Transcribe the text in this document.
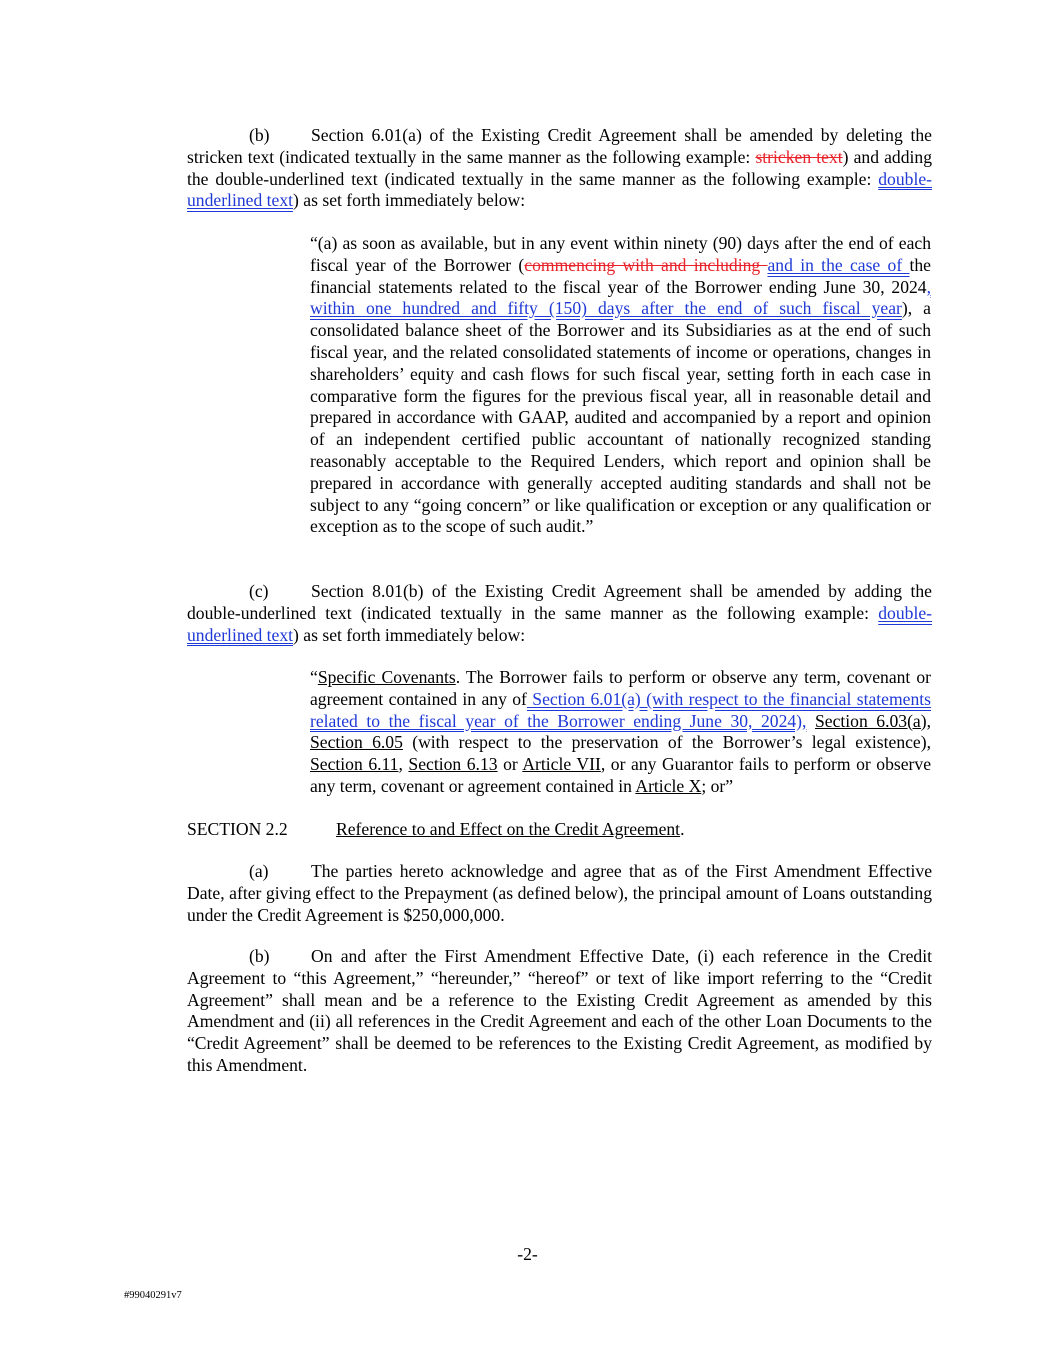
(b) Section 6.01(a) of the Existing Credit Agreement shall be amended by deleting the stricken text (indicated textually in the same manner as the following example: stricken text) and adding the double-underlined text (indicated textually in the same manner as the following example: double-underlined text) as set forth immediately below:

“(a) as soon as available, but in any event within ninety (90) days after the end of each fiscal year of the Borrower (commencing with and including and in the case of the financial statements related to the fiscal year of the Borrower ending June 30, 2024, within one hundred and fifty (150) days after the end of such fiscal year), a consolidated balance sheet of the Borrower and its Subsidiaries as at the end of such fiscal year, and the related consolidated statements of income or operations, changes in shareholders’ equity and cash flows for such fiscal year, setting forth in each case in comparative form the figures for the previous fiscal year, all in reasonable detail and prepared in accordance with GAAP, audited and accompanied by a report and opinion of an independent certified public accountant of nationally recognized standing reasonably acceptable to the Required Lenders, which report and opinion shall be prepared in accordance with generally accepted auditing standards and shall not be subject to any “going concern” or like qualification or exception or any qualification or exception as to the scope of such audit.”

(c) Section 8.01(b) of the Existing Credit Agreement shall be amended by adding the double-underlined text (indicated textually in the same manner as the following example: double-underlined text) as set forth immediately below:

“Specific Covenants. The Borrower fails to perform or observe any term, covenant or agreement contained in any of Section 6.01(a) (with respect to the financial statements related to the fiscal year of the Borrower ending June 30, 2024), Section 6.03(a), Section 6.05 (with respect to the preservation of the Borrower’s legal existence), Section 6.11, Section 6.13 or Article VII, or any Guarantor fails to perform or observe any term, covenant or agreement contained in Article X; or”

SECTION 2.2	Reference to and Effect on the Credit Agreement.

(a) The parties hereto acknowledge and agree that as of the First Amendment Effective Date, after giving effect to the Prepayment (as defined below), the principal amount of Loans outstanding under the Credit Agreement is $250,000,000.

(b) On and after the First Amendment Effective Date, (i) each reference in the Credit Agreement to “this Agreement,” “hereunder,” “hereof” or text of like import referring to the “Credit Agreement” shall mean and be a reference to the Existing Credit Agreement as amended by this Amendment and (ii) all references in the Credit Agreement and each of the other Loan Documents to the “Credit Agreement” shall be deemed to be references to the Existing Credit Agreement, as modified by this Amendment.

-2-
#99040291v7
